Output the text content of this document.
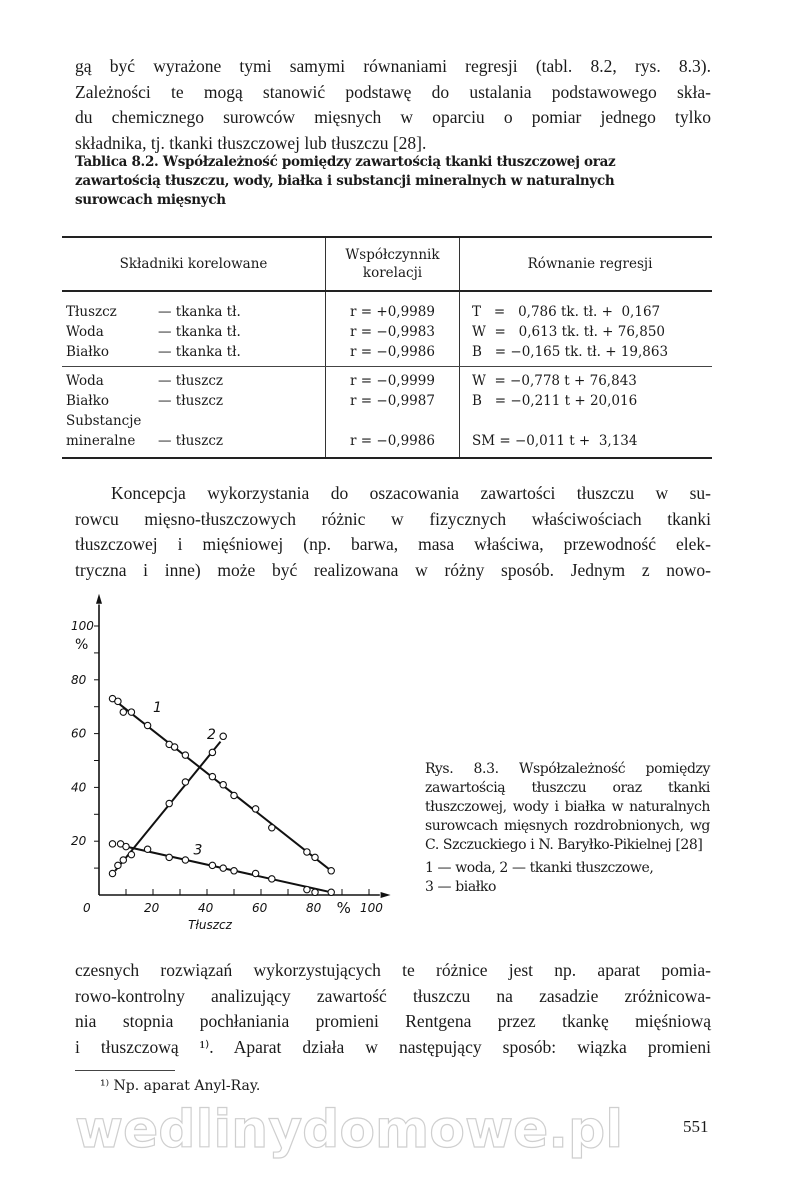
gą być wyrażone tymi samymi równaniami regresji (tabl. 8.2, rys. 8.3).
Zależności te mogą stanowić podstawę do ustalania podstawowego skła-
du chemicznego surowców mięsnych w oparciu o pomiar jednego tylko
składnika, tj. tkanki tłuszczowej lub tłuszczu [28].
Tablica 8.2. Współzależność pomiędzy zawartością tkanki tłuszczowej oraz zawartością tłuszczu, wody, białka i substancji mineralnych w naturalnych surowcach mięsnych
Składniki korelowane	Współczynnik korelacji	Równanie regresji
Tłuszcz — tkanka tł.	r = +0,9989	T   =   0,786 tk. tł. +  0,167
Woda — tkanka tł.	r = −0,9983	W  =   0,613 tk. tł. + 76,850
Białko — tkanka tł.	r = −0,9986	B   = −0,165 tk. tł. + 19,863
Woda — tłuszcz	r = −0,9999	W  = −0,778 t + 76,843
Białko — tłuszcz	r = −0,9987	B   = −0,211 t + 20,016
Substancje		
mineralne — tłuszcz	r = −0,9986	SM = −0,011 t +  3,134
Koncepcja wykorzystania do oszacowania zawartości tłuszczu w su-
rowcu mięsno-tłuszczowych różnic w fizycznych właściwościach tkanki
tłuszczowej i mięśniowej (np. barwa, masa właściwa, przewodność elek-
tryczna i inne) może być realizowana w różny sposób. Jednym z nowo-
0	20	40	60	80	100
20
40
60
80
100
%
%
Tłuszcz
1
2
3
Rys. 8.3. Współzależność pomiędzy zawartością tłuszczu oraz tkanki tłuszczowej, wody i białka w naturalnych surowcach mięsnych rozdrobnionych, wg C. Szczuckiego i N. Baryłko-Pikielnej [28]
1 — woda, 2 — tkanki tłuszczowe,
3 — białko
czesnych rozwiązań wykorzystujących te różnice jest np. aparat pomia-
rowo-kontrolny analizujący zawartość tłuszczu na zasadzie zróżnicowa-
nia stopnia pochłaniania promieni Rentgena przez tkankę mięśniową
i tłuszczową ¹⁾. Aparat działa w następujący sposób: wiązka promieni
¹⁾ Np. aparat Anyl-Ray.
wedlinydomowe.pl	551
